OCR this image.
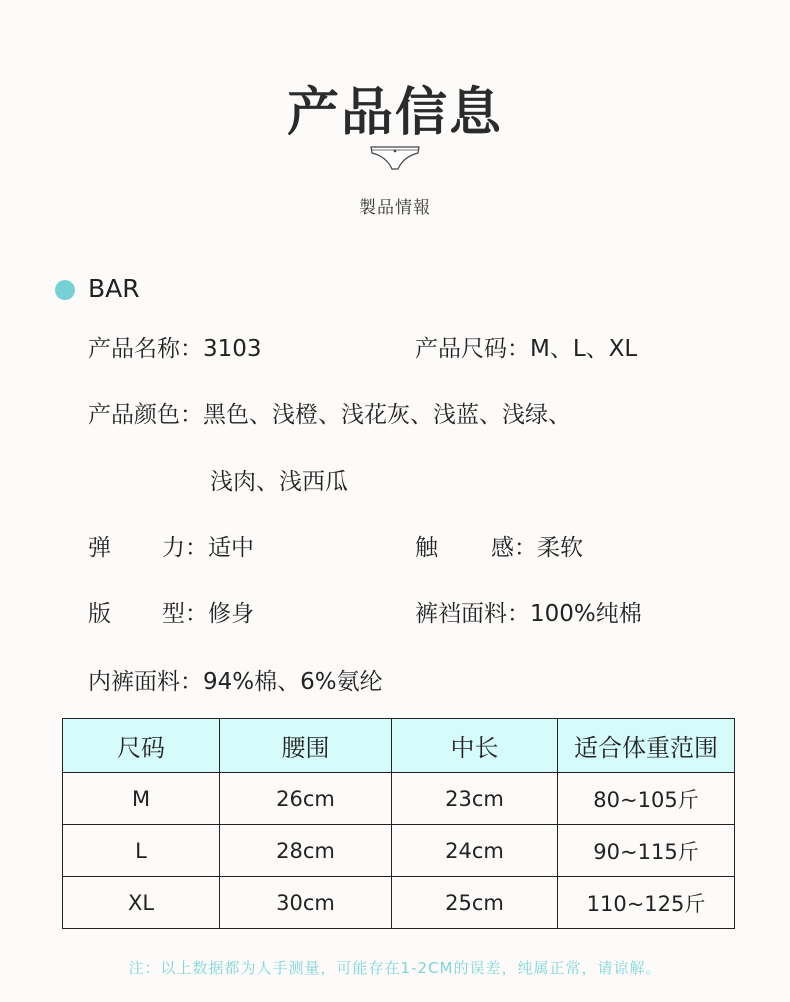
产品信息
製品情報
BAR
产品名称：3103	产品尺码：M、L、XL
产品颜色：黑色、浅橙、浅花灰、浅蓝、浅绿、
浅肉、浅西瓜
弹 力：适中	触 感：柔软
版 型：修身	裤裆面料：100%纯棉
内裤面料：94%棉、6%氨纶
尺码	腰围	中长	适合体重范围
M	26cm	23cm	80~105斤
L	28cm	24cm	90~115斤
XL	30cm	25cm	110~125斤
注：以上数据都为人手测量，可能存在1-2CM的误差，纯属正常，请谅解。
